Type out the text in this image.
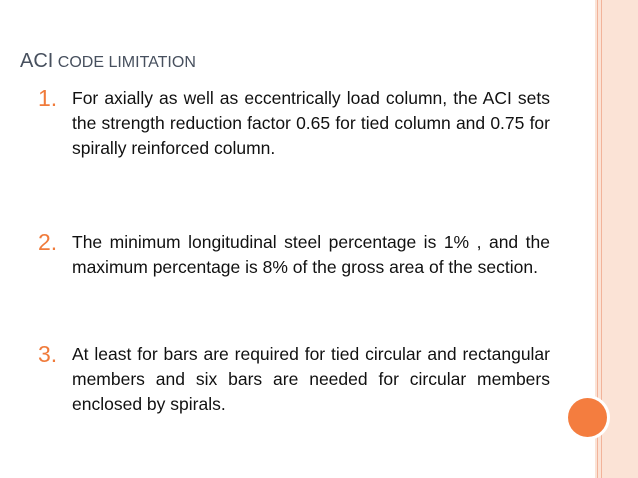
ACI CODE LIMITATION
1. For axially as well as eccentrically load column, the ACI sets the strength reduction factor 0.65 for tied column and 0.75 for spirally reinforced column.
2. The minimum longitudinal steel percentage is 1% , and the maximum percentage is 8% of the gross area of the section.
3. At least for bars are required for tied circular and rectangular members and six bars are needed for circular members enclosed by spirals.
